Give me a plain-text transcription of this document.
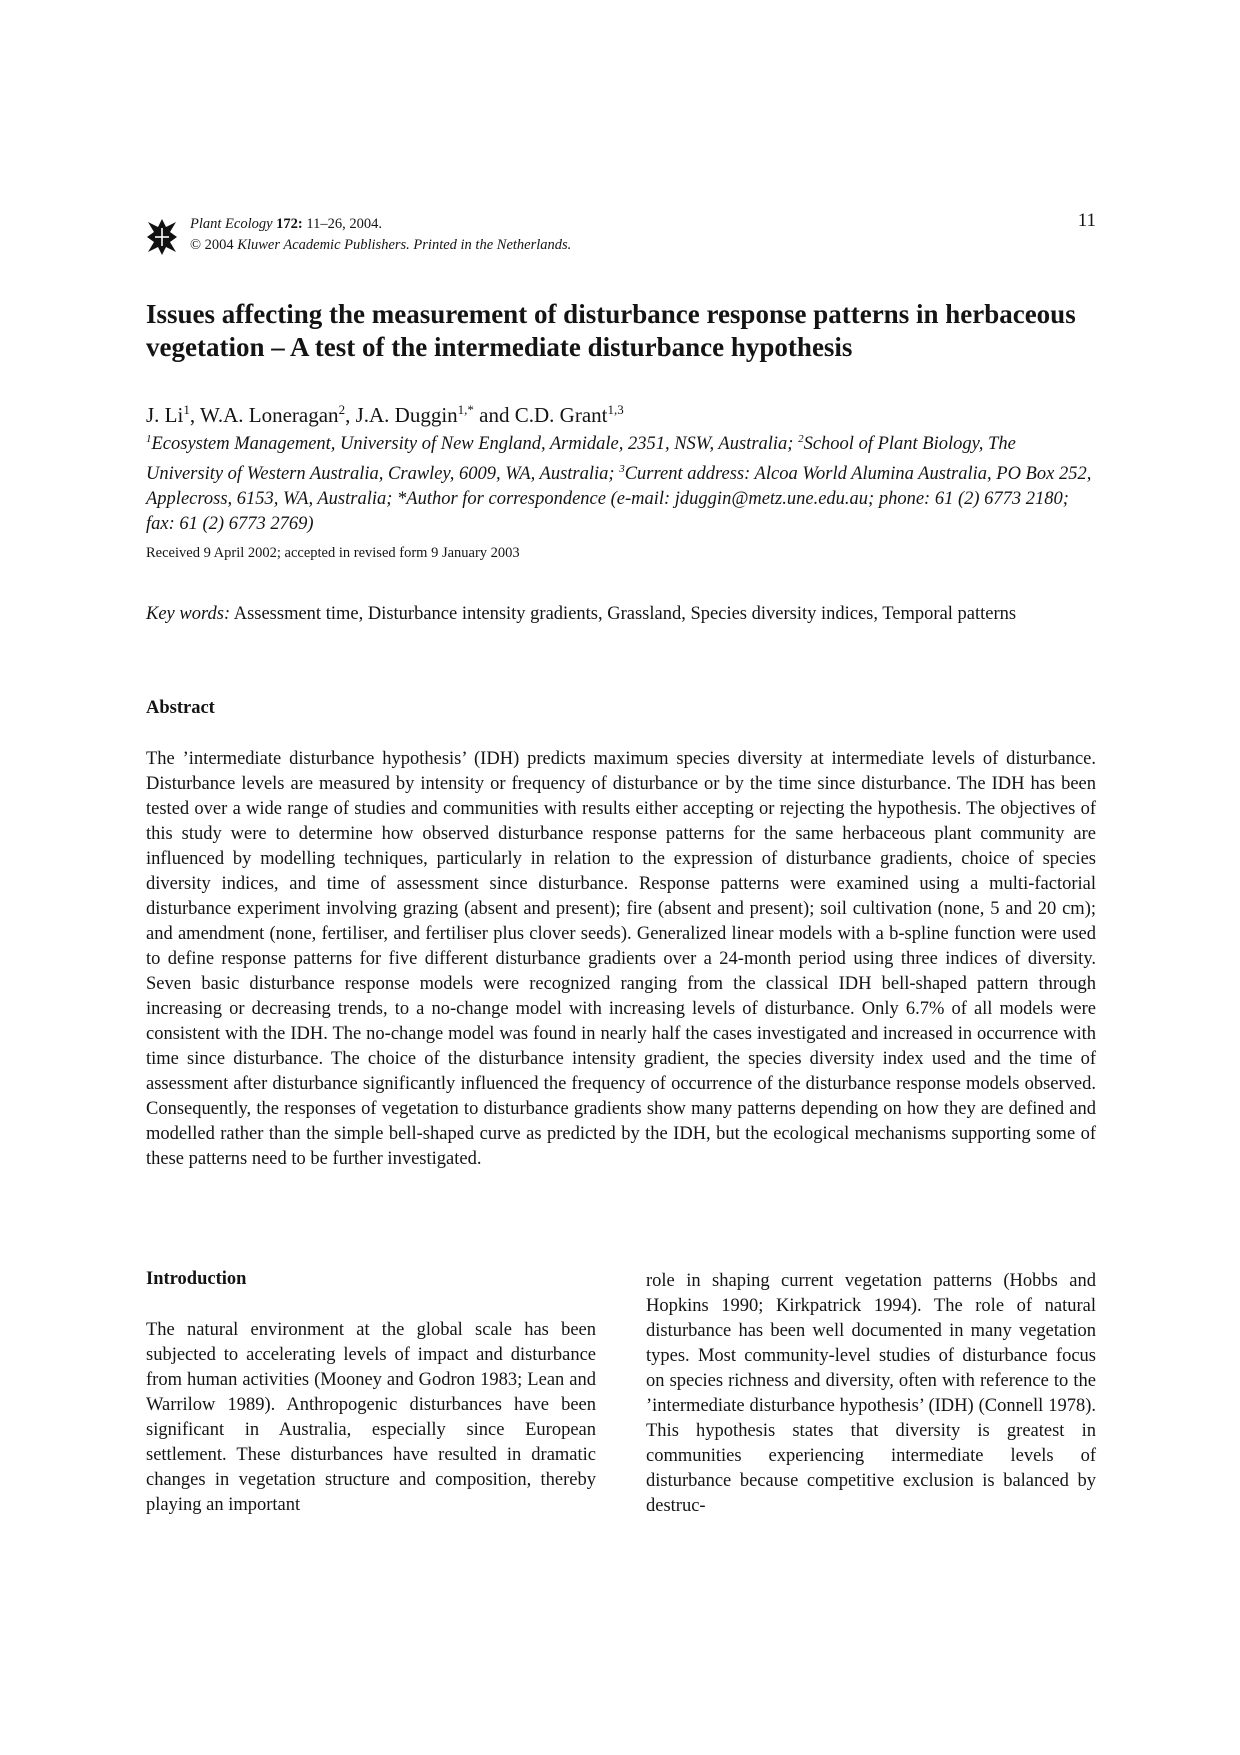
Plant Ecology 172: 11–26, 2004.
© 2004 Kluwer Academic Publishers. Printed in the Netherlands.
11
Issues affecting the measurement of disturbance response patterns in herbaceous vegetation – A test of the intermediate disturbance hypothesis
J. Li$^1$, W.A. Loneragan$^2$, J.A. Duggin$^{1,*}$ and C.D. Grant$^{1,3}$
$^1$Ecosystem Management, University of New England, Armidale, 2351, NSW, Australia; $^2$School of Plant Biology, The University of Western Australia, Crawley, 6009, WA, Australia; $^3$Current address: Alcoa World Alumina Australia, PO Box 252, Applecross, 6153, WA, Australia; *Author for correspondence (e-mail: jduggin@metz.une.edu.au; phone: 61 (2) 6773 2180; fax: 61 (2) 6773 2769)
Received 9 April 2002; accepted in revised form 9 January 2003
Key words: Assessment time, Disturbance intensity gradients, Grassland, Species diversity indices, Temporal patterns
Abstract

The ’intermediate disturbance hypothesis’ (IDH) predicts maximum species diversity at intermediate levels of disturbance. Disturbance levels are measured by intensity or frequency of disturbance or by the time since disturbance. The IDH has been tested over a wide range of studies and communities with results either accepting or rejecting the hypothesis. The objectives of this study were to determine how observed disturbance response patterns for the same herbaceous plant community are influenced by modelling techniques, particularly in relation to the expression of disturbance gradients, choice of species diversity indices, and time of assessment since disturbance. Response patterns were examined using a multi-factorial disturbance experiment involving grazing (absent and present); fire (absent and present); soil cultivation (none, 5 and 20 cm); and amendment (none, fertiliser, and fertiliser plus clover seeds). Generalized linear models with a b-spline function were used to define response patterns for five different disturbance gradients over a 24-month period using three indices of diversity. Seven basic disturbance response models were recognized ranging from the classical IDH bell-shaped pattern through increasing or decreasing trends, to a no-change model with increasing levels of disturbance. Only 6.7% of all models were consistent with the IDH. The no-change model was found in nearly half the cases investigated and increased in occurrence with time since disturbance. The choice of the disturbance intensity gradient, the species diversity index used and the time of assessment after disturbance significantly influenced the frequency of occurrence of the disturbance response models observed. Consequently, the responses of vegetation to disturbance gradients show many patterns depending on how they are defined and modelled rather than the simple bell-shaped curve as predicted by the IDH, but the ecological mechanisms supporting some of these patterns need to be further investigated.

Introduction

The natural environment at the global scale has been subjected to accelerating levels of impact and disturbance from human activities (Mooney and Godron 1983; Lean and Warrilow 1989). Anthropogenic disturbances have been significant in Australia, especially since European settlement. These disturbances have resulted in dramatic changes in vegetation structure and composition, thereby playing an important

role in shaping current vegetation patterns (Hobbs and Hopkins 1990; Kirkpatrick 1994). The role of natural disturbance has been well documented in many vegetation types. Most community-level studies of disturbance focus on species richness and diversity, often with reference to the ’intermediate disturbance hypothesis’ (IDH) (Connell 1978). This hypothesis states that diversity is greatest in communities experiencing intermediate levels of disturbance because competitive exclusion is balanced by destruc-
